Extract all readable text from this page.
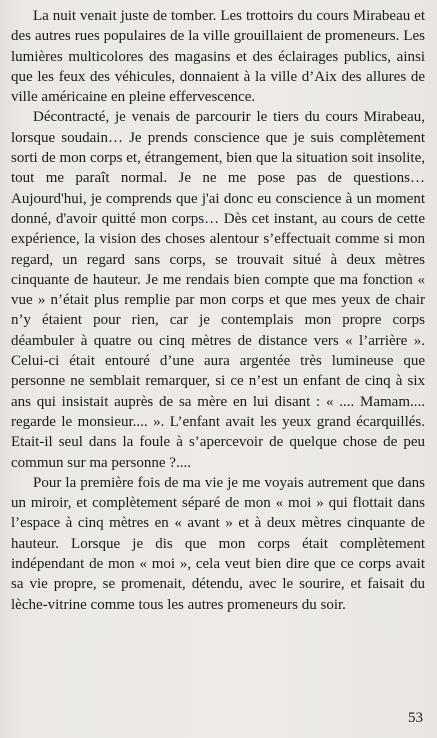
La nuit venait juste de tomber. Les trottoirs du cours Mirabeau et des autres rues populaires de la ville grouillaient de promeneurs. Les lumières multicolores des magasins et des éclairages publics, ainsi que les feux des véhicules, donnaient à la ville d’Aix des allures de ville américaine en pleine effervescence.

Décontracté, je venais de parcourir le tiers du cours Mirabeau, lorsque soudain… Je prends conscience que je suis complètement sorti de mon corps et, étrangement, bien que la situation soit insolite, tout me paraît normal. Je ne me pose pas de questions… Aujourd'hui, je comprends que j'ai donc eu conscience à un moment donné, d'avoir quitté mon corps… Dès cet instant, au cours de cette expérience, la vision des choses alentour s’effectuait comme si mon regard, un regard sans corps, se trouvait situé à deux mètres cinquante de hauteur. Je me rendais bien compte que ma fonction « vue » n’était plus remplie par mon corps et que mes yeux de chair n’y étaient pour rien, car je contemplais mon propre corps déambuler à quatre ou cinq mètres de distance vers « l’arrière ». Celui-ci était entouré d’une aura argentée très lumineuse que personne ne semblait remarquer, si ce n’est un enfant de cinq à six ans qui insistait auprès de sa mère en lui disant : « .... Mamam.... regarde le monsieur.... ». L’enfant avait les yeux grand écarquillés. Etait-il seul dans la foule à s’apercevoir de quelque chose de peu commun sur ma personne ?....

Pour la première fois de ma vie je me voyais autrement que dans un miroir, et complètement séparé de mon « moi » qui flottait dans l’espace à cinq mètres en « avant » et à deux mètres cinquante de hauteur. Lorsque je dis que mon corps était complètement indépendant de mon « moi », cela veut bien dire que ce corps avait sa vie propre, se promenait, détendu, avec le sourire, et faisait du lèche-vitrine comme tous les autres promeneurs du soir.

53
